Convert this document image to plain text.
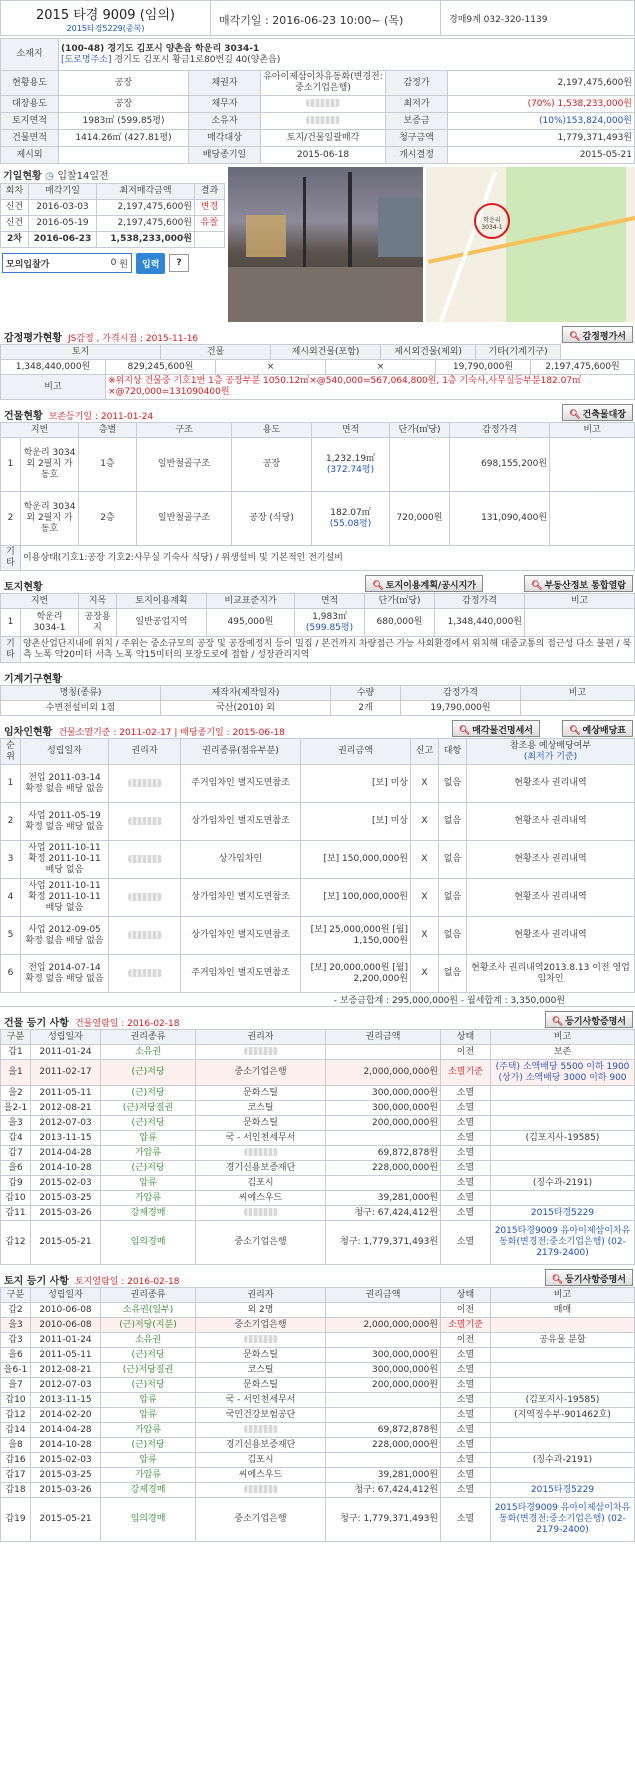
2015 타경 9009 (임의)
2015타경5229(중복)
매각기일 : 2016-06-23 10:00~ (목)	경매9계 032-320-1139
소재지	(100-48) 경기도 김포시 양촌읍 학운리 3034-1
[도로명주소] 경기도 김포시 황금1로80번길 40(양촌읍)				
현황용도	공장	채권자	유아이제삼이차유동화(변경전:중소기업은행)	감정가	2,197,475,600원
대장용도	공장	채무자		최저가	(70%) 1,538,233,000원
토지면적	1983㎡ (599.85평)	소유자		보증금	(10%)153,824,000원
건물면적	1414.26㎡ (427.81평)	매각대상	토지/건물일괄매각	청구금액	1,779,371,493원
제시외		배당종기일	2015-06-18	개시결정	2015-05-21
기일현황 ◷ 입찰14일전
회차	매각기일	최저매각금액	결과
신건	2016-03-03	2,197,475,600원	변경
신건	2016-05-19	2,197,475,600원	유찰
2차	2016-06-23	1,538,233,000원	
모의입찰가	0 원	입력	?
학운리 3034-1
감정평가현황 JS감정 , 가격시점 : 2015-11-16	🔍︎ 감정평가서
토지	건물	제시외건물(포함)	제시외건물(제외)	기타(기계기구)
1,348,440,000원	829,245,600원	×	×	19,790,000원	2,197,475,600원
비고	※위지상 건물중 기호1번 1층 공장부분 1050.12㎡×@540,000=567,064,800원, 1층 기숙사,사무실등부분182.07㎡×@720,000=131090400원				
건물현황 보존등기일 : 2011-01-24	🔍︎ 건축물대장
지번		층별	구조	용도	면적	단가(㎡당)	감정가격	비고
1	학운리 3034 외 2필지 가동호	1층	일반철골구조	공장	1,232.19㎡
(372.74평)		698,155,200원	
2	학운리 3034 외 2필지 가동호	2층	일반철골구조	공장 (식당)	182.07㎡
(55.08평)	720,000원	131,090,400원	
기타	이용상태(기호1:공장 기호2:사무실 기숙사 식당) / 위생설비 및 기본적인 전기설비							
토지현황	🔍︎ 토지이용계획/공시지가	🔍︎ 부동산정보 통합열람
지번		지목	토지이용계획	비교표준지가	면적	단가(㎡당)	감정가격	비고
1	학운리 3034-1	공장용지	일반공업지역	495,000원	1,983㎡
(599.85평)	680,000원	1,348,440,000원	
기타	양촌산업단지내에 위치 / 주위는 중소규모의 공장 및 공장예정지 등이 밀집 / 본건까지 차량접근 가능 사회환경에서 위치해 대중교통의 접근성 다소 불편 / 북측 노폭 약20미터 서측 노폭 약15미터의 포장도로에 접함 / 성장관리지역							
기계기구현황
명칭(종류)	제작자(제작일자)	수량	감정가격	비고
수변전설비외 1점	국산(2010) 외	2개	19,790,000원	
임차인현황 건물소멸기준 : 2011-02-17 | 배당종기일 : 2015-06-18	🔍︎ 매각물건명세서	🔍︎ 예상배당표
순위	성립일자	권리자	권리종류(점유부분)	권리금액	신고	대항	참조용 예상배당여부
(최저가 기준)
1	전입 2011-03-14 확정 없음 배당 없음		주거임차인 별지도면참조	[보] 미상	X	없음	현황조사 권리내역
2	사업 2011-05-19 확정 없음 배당 없음		상가임차인 별지도면참조	[보] 미상	X	없음	현황조사 권리내역
3	사업 2011-10-11 확정 2011-10-11 배당 없음		상가임차인	[보] 150,000,000원	X	없음	현황조사 권리내역
4	사업 2011-10-11 확정 2011-10-11 배당 없음		상가임차인 별지도면참조	[보] 100,000,000원	X	없음	현황조사 권리내역
5	사업 2012-09-05 확정 없음 배당 없음		상가임차인 별지도면참조	[보] 25,000,000원 [월] 1,150,000원	X	없음	현황조사 권리내역
6	전입 2014-07-14 확정 없음 배당 없음		주거임차인 별지도면참조	[보] 20,000,000원 [월] 2,200,000원	X	없음	현황조사 권리내역2013.8.13 이전 영업임차인
- 보증금합계 : 295,000,000원 - 월세합계 : 3,350,000원
건물 등기 사항 건물열람일 : 2016-02-18	🔍︎ 등기사항증명서
구분	성립일자	권리종류	권리자	권리금액	상태	비고
갑1	2011-01-24	소유권			이전	보존
을1	2011-02-17	(근)저당	중소기업은행	2,000,000,000원	소멸기준	(주택) 소액배당 5500 이하 1900 (상가) 소액배당 3000 이하 900
을2	2011-05-11	(근)저당	문화스틸	300,000,000원	소멸	
을2-1	2012-08-21	(근)저당질권	코스틸	300,000,000원	소멸	
을3	2012-07-03	(근)저당	문화스틸	200,000,000원	소멸	
갑4	2013-11-15	압류	국 - 서인천세무서		소멸	(김포지사-19585)
갑7	2014-04-28	가압류		69,872,878원	소멸	
을6	2014-10-28	(근)저당	경기신용보증재단	228,000,000원	소멸	
갑9	2015-02-03	압류	김포시		소멸	(징수과-2191)
갑10	2015-03-25	가압류	씨에스우드	39,281,000원	소멸	
갑11	2015-03-26	강제경매		청구: 67,424,412원	소멸	2015타경5229
갑12	2015-05-21	임의경매	중소기업은행	청구: 1,779,371,493원	소멸	2015타경9009 유아이제삼이차유동화(변경전:중소기업은행) (02-2179-2400)
토지 등기 사항 토지열람일 : 2016-02-18	🔍︎ 등기사항증명서
구분	성립일자	권리종류	권리자	권리금액	상태	비고
갑2	2010-06-08	소유권(일부)	외 2명		이전	매매
을3	2010-06-08	(근)저당(지분)	중소기업은행	2,000,000,000원	소멸기준	
갑3	2011-01-24	소유권			이전	공유물 분할
을6	2011-05-11	(근)저당	문화스틸	300,000,000원	소멸	
을6-1	2012-08-21	(근)저당질권	코스틸	300,000,000원	소멸	
을7	2012-07-03	(근)저당	문화스틸	200,000,000원	소멸	
갑10	2013-11-15	압류	국 - 서인천세무서		소멸	(김포지사-19585)
갑12	2014-02-20	압류	국민건강보험공단		소멸	(지역징수부-901462호)
갑14	2014-04-28	가압류		69,872,878원	소멸	
을8	2014-10-28	(근)저당	경기신용보증재단	228,000,000원	소멸	
갑16	2015-02-03	압류	김포시		소멸	(징수과-2191)
갑17	2015-03-25	가압류	씨에스우드	39,281,000원	소멸	
갑18	2015-03-26	강제경매		청구: 67,424,412원	소멸	2015타경5229
갑19	2015-05-21	임의경매	중소기업은행	청구: 1,779,371,493원	소멸	2015타경9009 유아이제삼이차유동화(변경전:중소기업은행) (02-2179-2400)
